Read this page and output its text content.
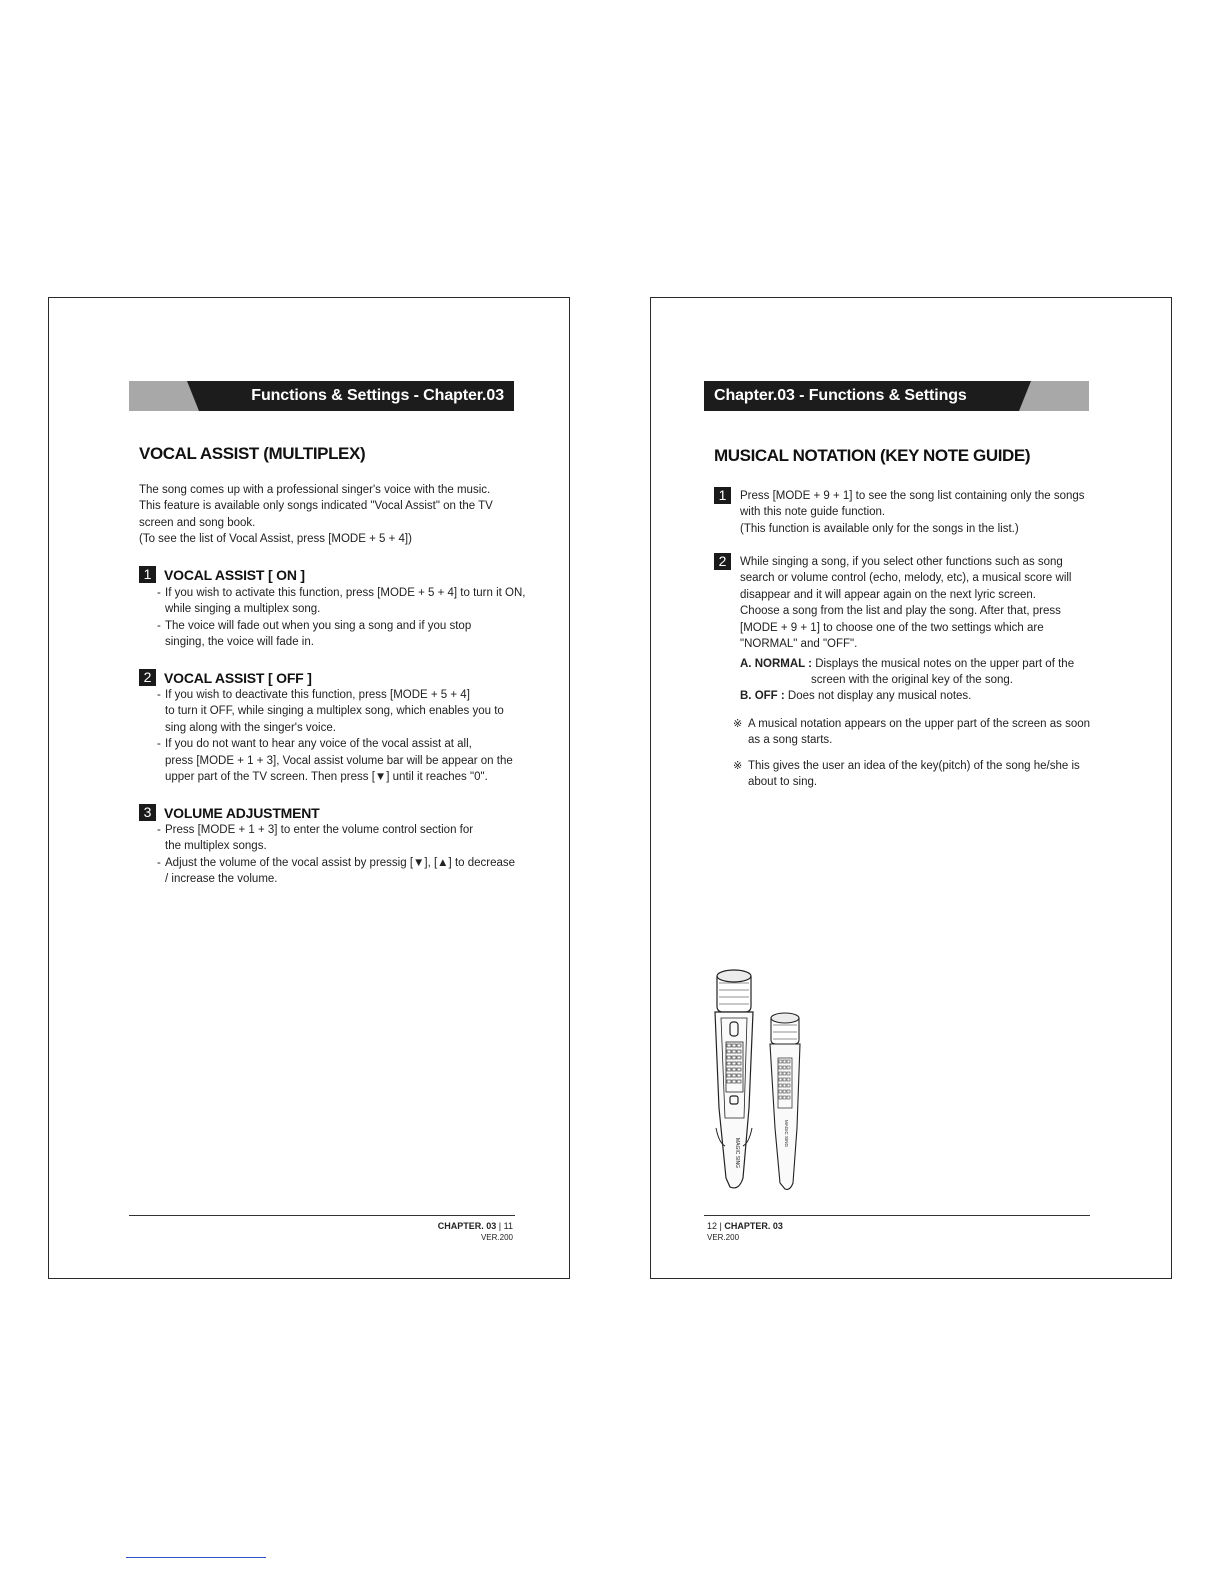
Functions & Settings - Chapter.03
VOCAL ASSIST (MULTIPLEX)
The song comes up with a professional singer's voice with the music.
This feature is available only songs indicated "Vocal Assist" on the TV
screen and song book.
(To see the list of Vocal Assist, press [MODE + 5 + 4])
1 VOCAL ASSIST [ ON ]
- If you wish to activate this function, press [MODE + 5 + 4] to turn it ON,
while singing a multiplex song.
- The voice will fade out when you sing a song and if you stop
singing, the voice will fade in.
2 VOCAL ASSIST [ OFF ]
- If you wish to deactivate this function, press [MODE + 5 + 4]
to turn it OFF, while singing a multiplex song, which enables you to
sing along with the singer's voice.
- If you do not want to hear any voice of the vocal assist at all,
press [MODE + 1 + 3], Vocal assist volume bar will be appear on the
upper part of the TV screen. Then press [▼] until it reaches "0".
3 VOLUME ADJUSTMENT
- Press [MODE + 1 + 3] to enter the volume control section for
the multiplex songs.
- Adjust the volume of the vocal assist by pressig [▼], [▲] to decrease
/ increase the volume.
CHAPTER. 03 | 11
VER.200
Chapter.03 - Functions & Settings
MUSICAL NOTATION (KEY NOTE GUIDE)
1	Press [MODE + 9 + 1] to see the song list containing only the songs
with this note guide function.
(This function is available only for the songs in the list.)
2	While singing a song, if you select other functions such as song
search or volume control (echo, melody, etc), a musical score will
disappear and it will appear again on the next lyric screen.
Choose a song from the list and play the song. After that, press
[MODE + 9 + 1] to choose one of the two settings which are
"NORMAL" and "OFF".
A. NORMAL : Displays the musical notes on the upper part of the
screen with the original key of the song.
B. OFF : Does not display any musical notes.
※ A musical notation appears on the upper part of the screen as soon
as a song starts.
※ This gives the user an idea of the key(pitch) of the song he/she is
about to sing.
MAGIC SING
MAGIC SING
12 | CHAPTER. 03
VER.200
